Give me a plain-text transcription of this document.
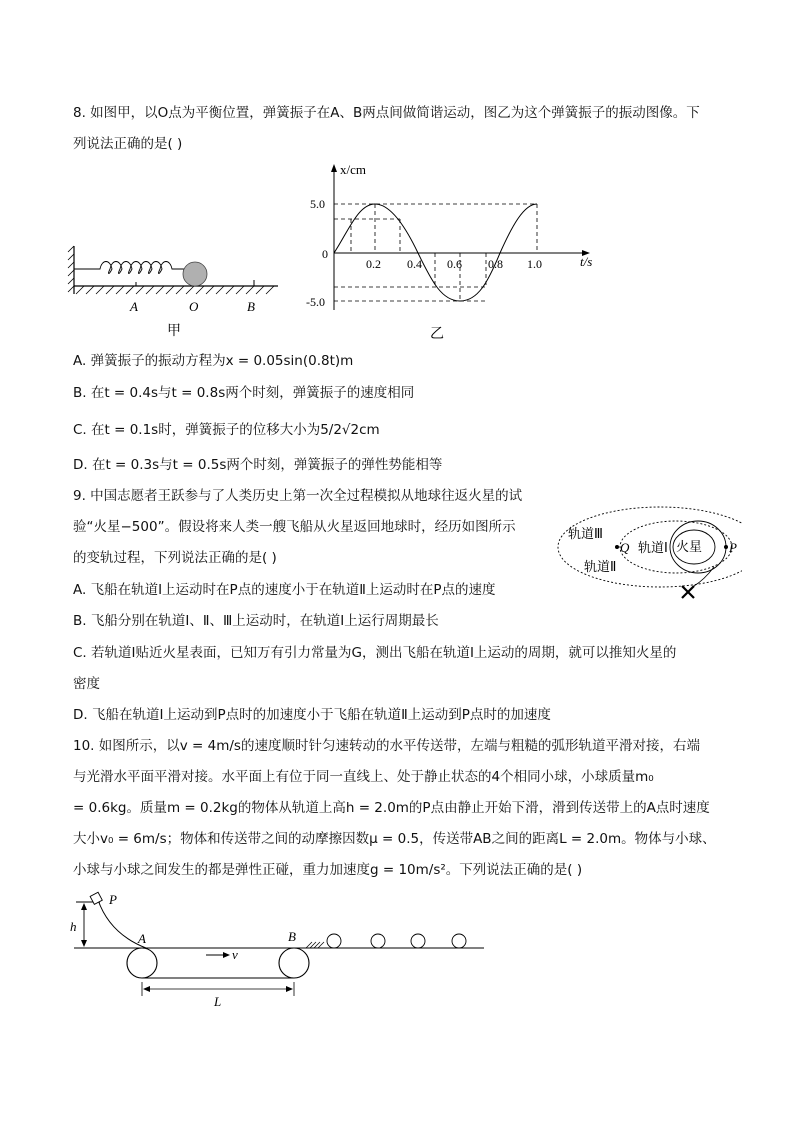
8. 如图甲，以O点为平衡位置，弹簧振子在A、B两点间做简谐运动，图乙为这个弹簧振子的振动图像。下
列说法正确的是( )
A	O	B
甲
x/cm
t/s
0
5.0
-5.0
0.2 0.4 0.6 0.8 1.0
乙
A. 弹簧振子的振动方程为x = 0.05sin(0.8t)m
B. 在t = 0.4s与t = 0.8s两个时刻，弹簧振子的速度相同
C. 在t = 0.1s时，弹簧振子的位移大小为5/2√2cm
D. 在t = 0.3s与t = 0.5s两个时刻，弹簧振子的弹性势能相等
9. 中国志愿者王跃参与了人类历史上第一次全过程模拟从地球往返火星的试
验“火星−500”。假设将来人类一艘飞船从火星返回地球时，经历如图所示
的变轨过程，下列说法正确的是( )
轨道Ⅲ
轨道Ⅱ
轨道Ⅰ 火星
Q	P
A. 飞船在轨道Ⅰ上运动时在P点的速度小于在轨道Ⅱ上运动时在P点的速度
B. 飞船分别在轨道Ⅰ、Ⅱ、Ⅲ上运动时，在轨道Ⅰ上运行周期最长
C. 若轨道Ⅰ贴近火星表面，已知万有引力常量为G，测出飞船在轨道Ⅰ上运动的周期，就可以推知火星的
密度
D. 飞船在轨道Ⅰ上运动到P点时的加速度小于飞船在轨道Ⅱ上运动到P点时的加速度
10. 如图所示，以v = 4m/s的速度顺时针匀速转动的水平传送带，左端与粗糙的弧形轨道平滑对接，右端
与光滑水平面平滑对接。水平面上有位于同一直线上、处于静止状态的4个相同小球，小球质量m₀
= 0.6kg。质量m = 0.2kg的物体从轨道上高h = 2.0m的P点由静止开始下滑，滑到传送带上的A点时速度
大小v₀ = 6m/s；物体和传送带之间的动摩擦因数μ = 0.5，传送带AB之间的距离L = 2.0m。物体与小球、
小球与小球之间发生的都是弹性正碰，重力加速度g = 10m/s²。下列说法正确的是( )
h
P
A	B
v
L
